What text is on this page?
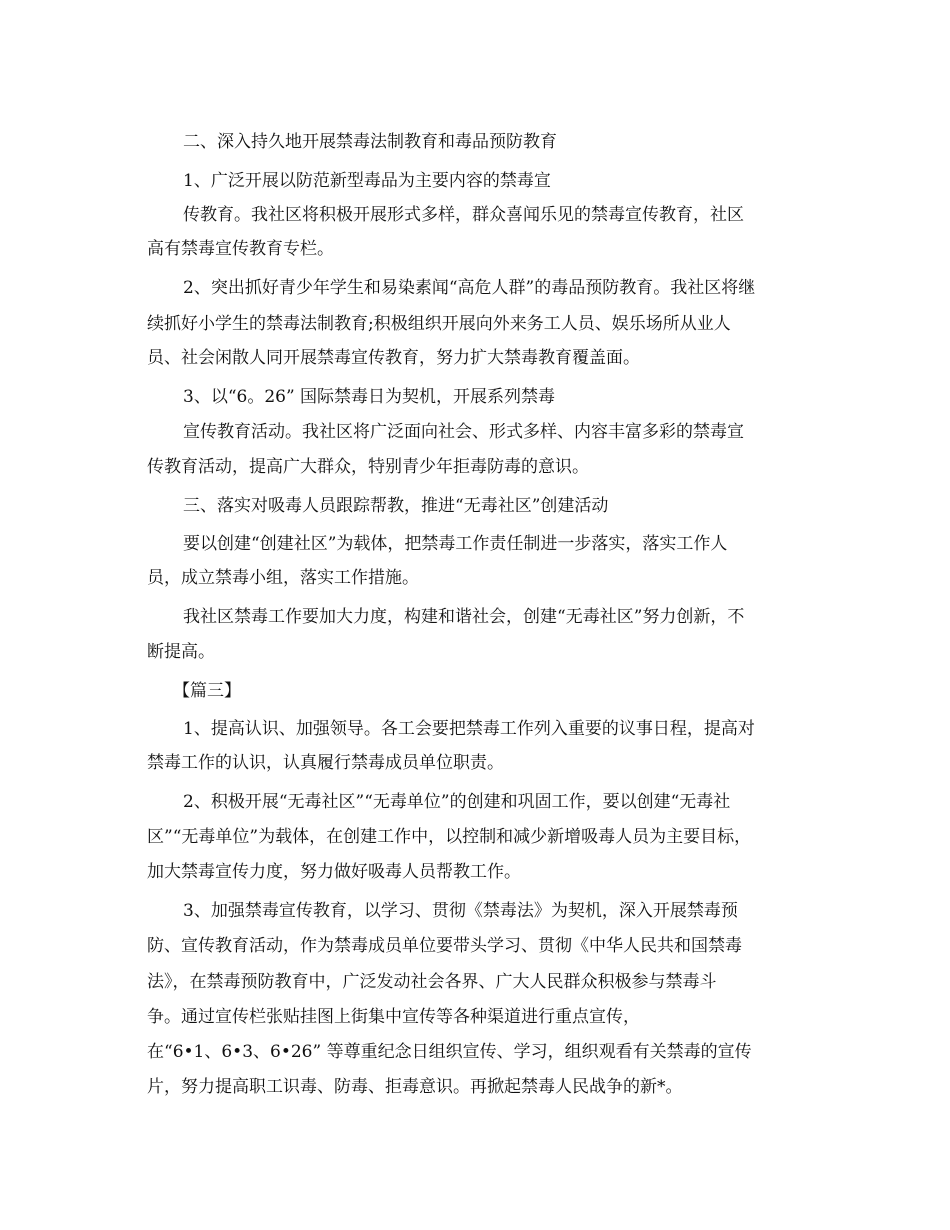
二、深入持久地开展禁毒法制教育和毒品预防教育
1、广泛开展以防范新型毒品为主要内容的禁毒宣
传教育。我社区将积极开展形式多样，群众喜闻乐见的禁毒宣传教育，社区
高有禁毒宣传教育专栏。
2、突出抓好青少年学生和易染素闻“高危人群”的毒品预防教育。我社区将继
续抓好小学生的禁毒法制教育;积极组织开展向外来务工人员、娱乐场所从业人
员、社会闲散人同开展禁毒宣传教育，努力扩大禁毒教育覆盖面。
3、以“6。26” 国际禁毒日为契机，开展系列禁毒
宣传教育活动。我社区将广泛面向社会、形式多样、内容丰富多彩的禁毒宣
传教育活动，提高广大群众，特别青少年拒毒防毒的意识。
三、落实对吸毒人员跟踪帮教，推进“无毒社区”创建活动
要以创建“创建社区”为载体，把禁毒工作责任制进一步落实，落实工作人
员，成立禁毒小组，落实工作措施。
我社区禁毒工作要加大力度，构建和谐社会，创建“无毒社区”努力创新，不
断提高。
【篇三】
1、提高认识、加强领导。各工会要把禁毒工作列入重要的议事日程，提高对
禁毒工作的认识，认真履行禁毒成员单位职责。
2、积极开展“无毒社区”“无毒单位”的创建和巩固工作，要以创建“无毒社
区”“无毒单位”为载体，在创建工作中，以控制和减少新增吸毒人员为主要目标，
加大禁毒宣传力度，努力做好吸毒人员帮教工作。
3、加强禁毒宣传教育，以学习、贯彻《禁毒法》为契机，深入开展禁毒预
防、宣传教育活动，作为禁毒成员单位要带头学习、贯彻《中华人民共和国禁毒
法》，在禁毒预防教育中，广泛发动社会各界、广大人民群众积极参与禁毒斗
争。通过宣传栏张贴挂图上街集中宣传等各种渠道进行重点宣传，
在“6•1、6•3、6•26” 等尊重纪念日组织宣传、学习，组织观看有关禁毒的宣传
片，努力提高职工识毒、防毒、拒毒意识。再掀起禁毒人民战争的新*。
